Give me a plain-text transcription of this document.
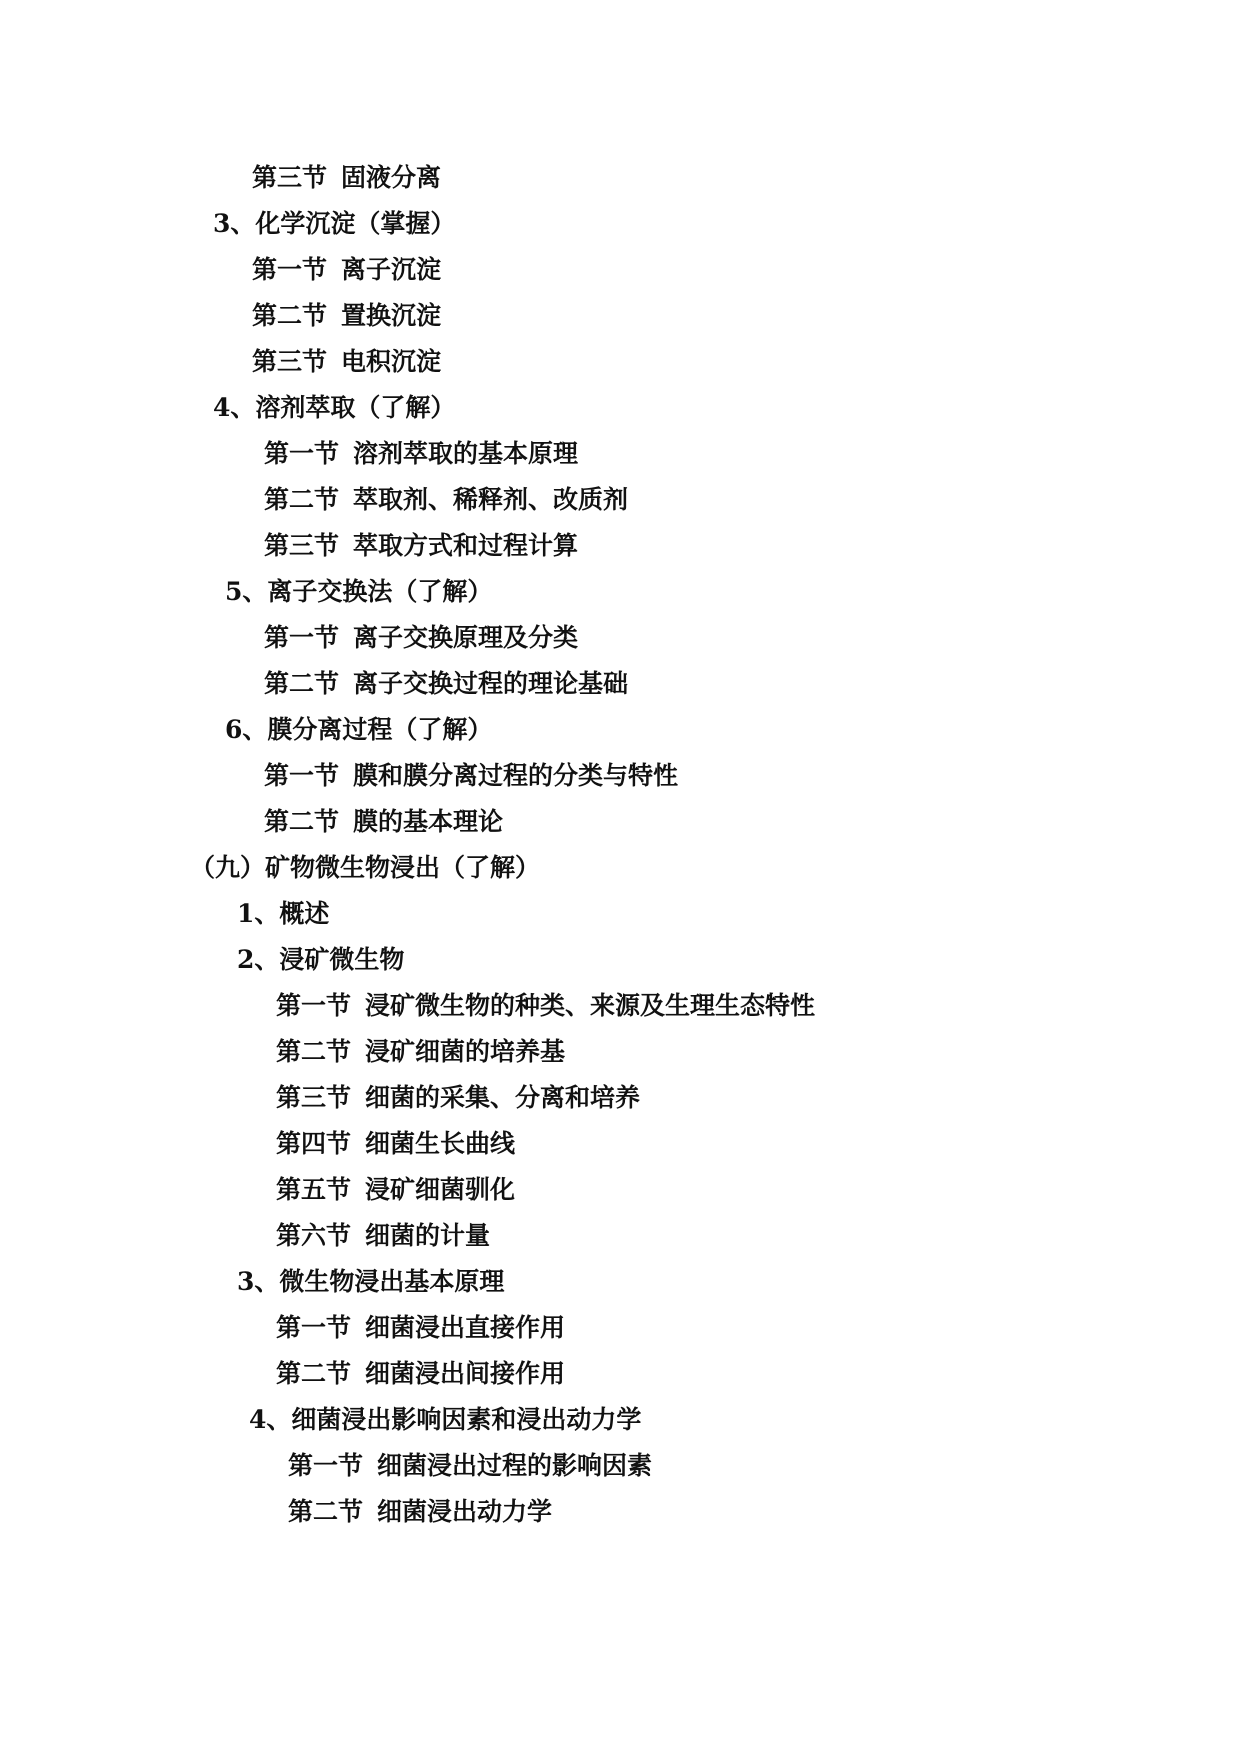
第三节 固液分离
3、化学沉淀（掌握）
第一节 离子沉淀
第二节 置换沉淀
第三节 电积沉淀
4、溶剂萃取（了解）
第一节 溶剂萃取的基本原理
第二节 萃取剂、稀释剂、改质剂
第三节 萃取方式和过程计算
5、离子交换法（了解）
第一节 离子交换原理及分类
第二节 离子交换过程的理论基础
6、膜分离过程（了解）
第一节 膜和膜分离过程的分类与特性
第二节 膜的基本理论
（九）矿物微生物浸出（了解）
1、概述
2、浸矿微生物
第一节 浸矿微生物的种类、来源及生理生态特性
第二节 浸矿细菌的培养基
第三节 细菌的采集、分离和培养
第四节 细菌生长曲线
第五节 浸矿细菌驯化
第六节 细菌的计量
3、微生物浸出基本原理
第一节 细菌浸出直接作用
第二节 细菌浸出间接作用
4、细菌浸出影响因素和浸出动力学
第一节 细菌浸出过程的影响因素
第二节 细菌浸出动力学
